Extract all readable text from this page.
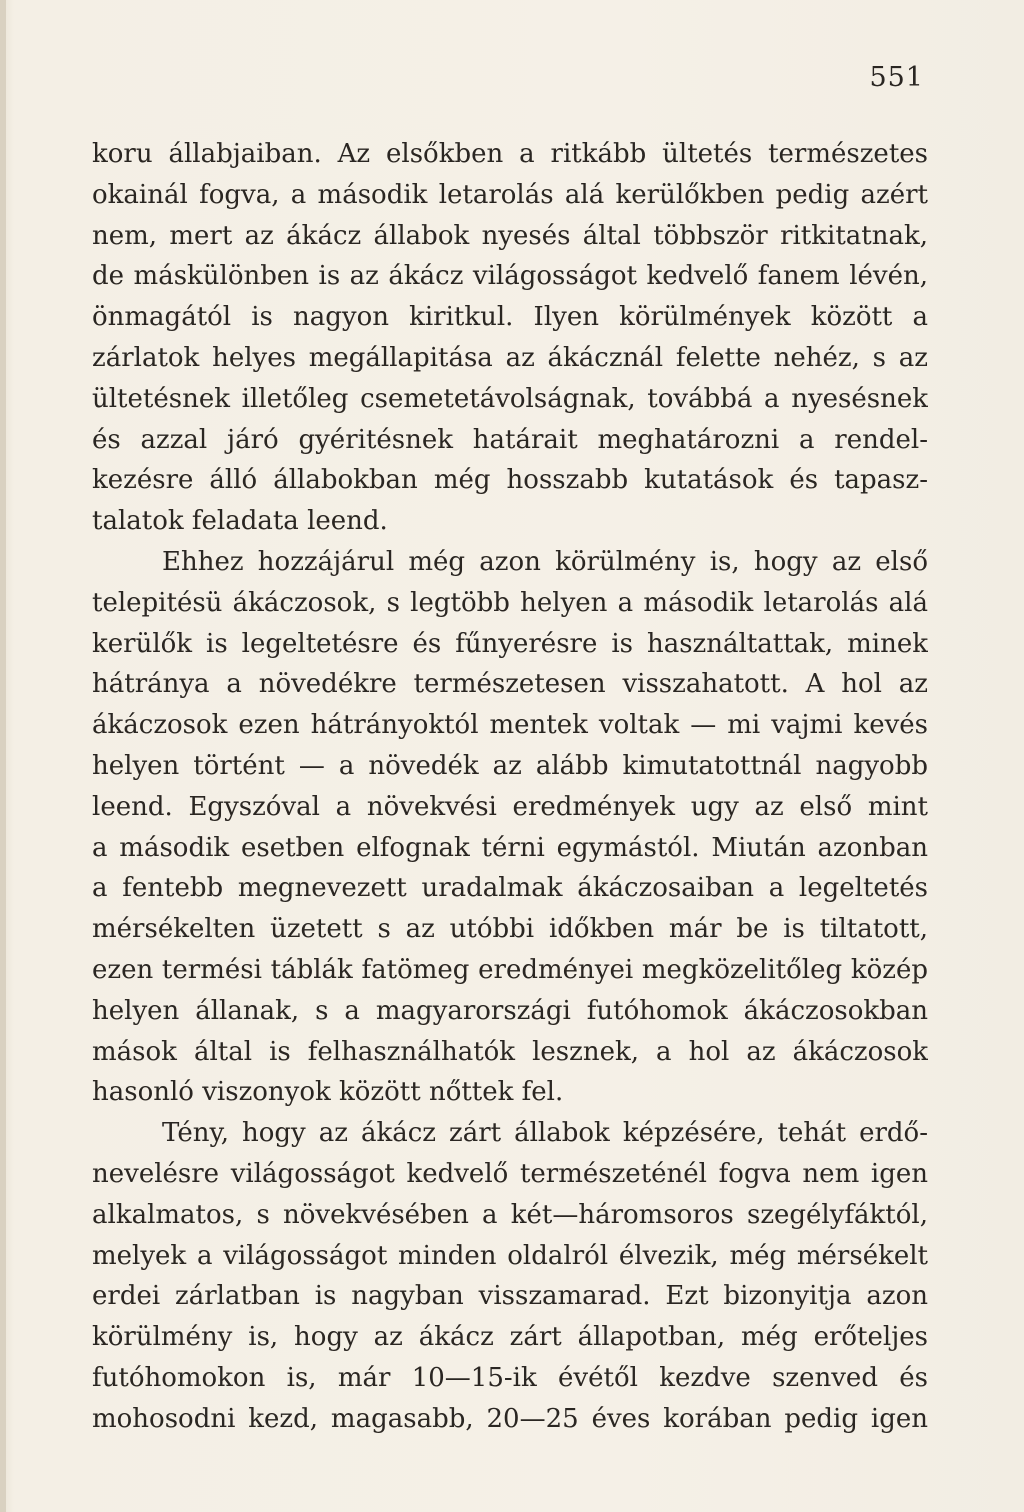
551
koru állabjaiban. Az elsőkben a ritkább ültetés természetes
okainál fogva, a második letarolás alá kerülőkben pedig azért
nem, mert az ákácz állabok nyesés által többször ritkitatnak,
de máskülönben is az ákácz világosságot kedvelő fanem lévén,
önmagától is nagyon kiritkul. Ilyen körülmények között a
zárlatok helyes megállapitása az ákácznál felette nehéz, s az
ültetésnek illetőleg csemetetávolságnak, továbbá a nyesésnek
és azzal járó gyéritésnek határait meghatározni a rendel-
kezésre álló állabokban még hosszabb kutatások és tapasz-
talatok feladata leend.
Ehhez hozzájárul még azon körülmény is, hogy az első
telepitésü ákáczosok, s legtöbb helyen a második letarolás alá
kerülők is legeltetésre és fűnyerésre is használtattak, minek
hátránya a növedékre természetesen visszahatott. A hol az
ákáczosok ezen hátrányoktól mentek voltak — mi vajmi kevés
helyen történt — a növedék az alább kimutatottnál nagyobb
leend. Egyszóval a növekvési eredmények ugy az első mint
a második esetben elfognak térni egymástól. Miután azonban
a fentebb megnevezett uradalmak ákáczosaiban a legeltetés
mérsékelten üzetett s az utóbbi időkben már be is tiltatott,
ezen termési táblák fatömeg eredményei megközelitőleg közép
helyen állanak, s a magyarországi futóhomok ákáczosokban
mások által is felhasználhatók lesznek, a hol az ákáczosok
hasonló viszonyok között nőttek fel.
Tény, hogy az ákácz zárt állabok képzésére, tehát erdő-
nevelésre világosságot kedvelő természeténél fogva nem igen
alkalmatos, s növekvésében a két—háromsoros szegélyfáktól,
melyek a világosságot minden oldalról élvezik, még mérsékelt
erdei zárlatban is nagyban visszamarad. Ezt bizonyitja azon
körülmény is, hogy az ákácz zárt állapotban, még erőteljes
futóhomokon is, már 10—15-ik évétől kezdve szenved és
mohosodni kezd, magasabb, 20—25 éves korában pedig igen
